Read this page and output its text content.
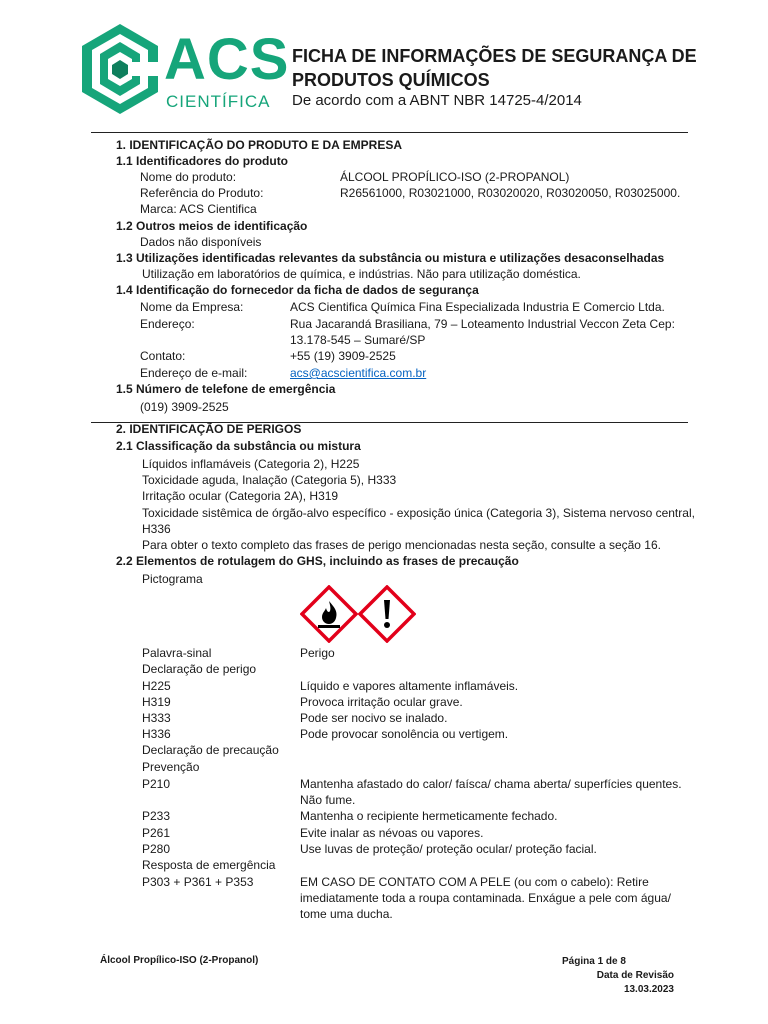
ACS
CIENTÍFICA
FICHA DE INFORMAÇÕES DE SEGURANÇA DE PRODUTOS QUÍMICOS
De acordo com a ABNT NBR 14725-4/2014
1. IDENTIFICAÇÃO DO PRODUTO E DA EMPRESA
1.1 Identificadores do produto
Nome do produto:	ÁLCOOL PROPÍLICO-ISO (2-PROPANOL)
Referência do Produto:	R26561000, R03021000, R03020020, R03020050, R03025000.
Marca: ACS Cientifica
1.2 Outros meios de identificação
Dados não disponíveis
1.3 Utilizações identificadas relevantes da substância ou mistura e utilizações desaconselhadas
Utilização em laboratórios de química, e indústrias. Não para utilização doméstica.
1.4 Identificação do fornecedor da ficha de dados de segurança
Nome da Empresa:	ACS Cientifica Química Fina Especializada Industria E Comercio Ltda.
Endereço:	Rua Jacarandá Brasiliana, 79 – Loteamento Industrial Veccon Zeta Cep:
13.178-545 – Sumaré/SP
Contato:	+55 (19) 3909-2525
Endereço de e-mail:	acs@acscientifica.com.br
1.5 Número de telefone de emergência
(019) 3909-2525
2. IDENTIFICAÇÃO DE PERIGOS
2.1 Classificação da substância ou mistura
Líquidos inflamáveis (Categoria 2), H225
Toxicidade aguda, Inalação (Categoria 5), H333
Irritação ocular (Categoria 2A), H319
Toxicidade sistêmica de órgão-alvo específico - exposição única (Categoria 3), Sistema nervoso central,
H336
Para obter o texto completo das frases de perigo mencionadas nesta seção, consulte a seção 16.
2.2 Elementos de rotulagem do GHS, incluindo as frases de precaução
Pictograma
Palavra-sinal	Perigo
Declaração de perigo
H225	Líquido e vapores altamente inflamáveis.
H319	Provoca irritação ocular grave.
H333	Pode ser nocivo se inalado.
H336	Pode provocar sonolência ou vertigem.
Declaração de precaução
Prevenção
P210	Mantenha afastado do calor/ faísca/ chama aberta/ superfícies quentes.
Não fume.
P233	Mantenha o recipiente hermeticamente fechado.
P261	Evite inalar as névoas ou vapores.
P280	Use luvas de proteção/ proteção ocular/ proteção facial.
Resposta de emergência
P303 + P361 + P353	EM CASO DE CONTATO COM A PELE (ou com o cabelo): Retire
imediatamente toda a roupa contaminada. Enxágue a pele com água/
tome uma ducha.
Álcool Propílico-ISO (2-Propanol)	Página 1 de 8
Data de Revisão 13.03.2023
